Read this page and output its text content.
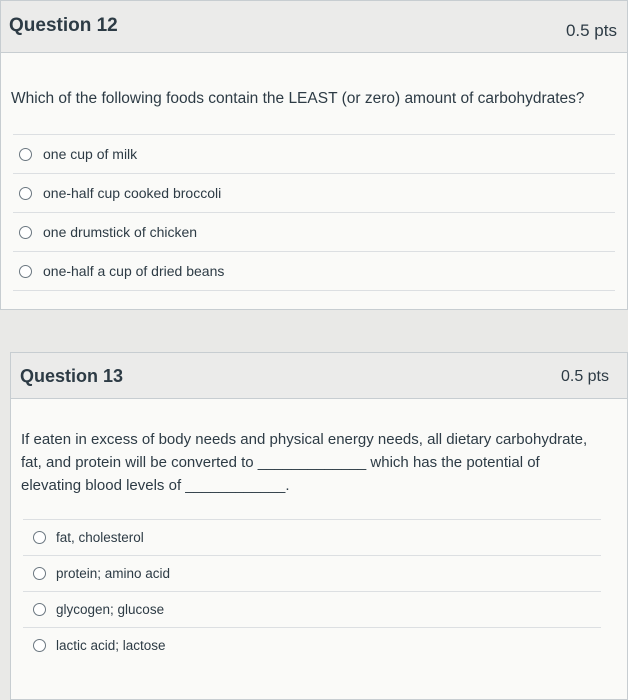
Question 12	0.5 pts
Which of the following foods contain the LEAST (or zero) amount of carbohydrates?
one cup of milk
one-half cup cooked broccoli
one drumstick of chicken
one-half a cup of dried beans
Question 13	0.5 pts
If eaten in excess of body needs and physical energy needs, all dietary carbohydrate,
fat, and protein will be converted to _____________ which has the potential of
elevating blood levels of ____________.
fat, cholesterol
protein; amino acid
glycogen; glucose
lactic acid; lactose
